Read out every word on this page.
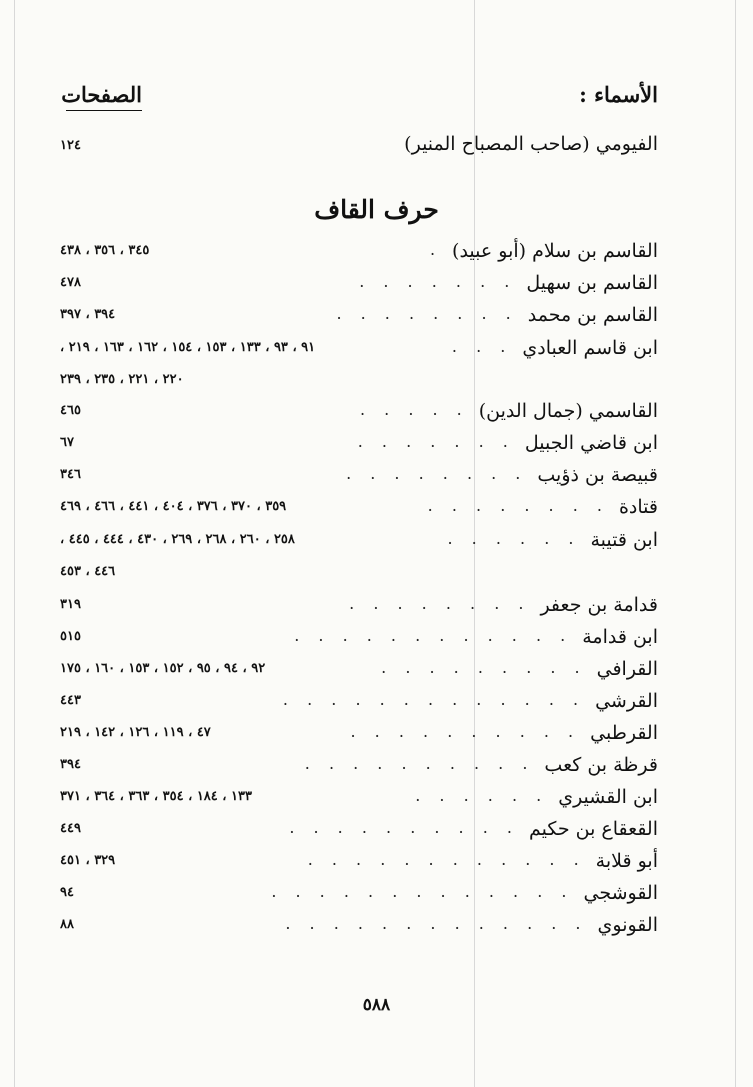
الأسماء :
الصفحات
الفيومي (صاحب المصباح المنير)
١٢٤
حرف القاف
القاسم بن سلام (أبو عبيد)
.
٣٤٥ ، ٣٥٦ ، ٤٣٨
القاسم بن سهيل
. . . . . . .
٤٧٨
القاسم بن محمد
. . . . . . . .
٣٩٤ ، ٣٩٧
ابن قاسم العبادي
. . .
٩١ ، ٩٣ ، ١٣٣ ، ١٥٣ ، ١٥٤ ، ١٦٢ ، ١٦٣ ، ٢١٩ ،
٢٢٠ ، ٢٢١ ، ٢٣٥ ، ٢٣٩
القاسمي (جمال الدين)
. . . . .
٤٦٥
ابن قاضي الجبيل
. . . . . . .
٦٧
قبيصة بن ذؤيب
. . . . . . . .
٣٤٦
قتادة
. . . . . . . .
٣٥٩ ، ٣٧٠ ، ٣٧٦ ، ٤٠٤ ، ٤٤١ ، ٤٦٦ ، ٤٦٩
ابن قتيبة
. . . . . .
٢٥٨ ، ٢٦٠ ، ٢٦٨ ، ٢٦٩ ، ٤٣٠ ، ٤٤٤ ، ٤٤٥ ،
٤٤٦ ، ٤٥٣
قدامة بن جعفر
. . . . . . . .
٣١٩
ابن قدامة
. . . . . . . . . . . .
٥١٥
القرافي
. . . . . . . . .
٩٢ ، ٩٤ ، ٩٥ ، ١٥٢ ، ١٥٣ ، ١٦٠ ، ١٧٥
القرشي
. . . . . . . . . . . . .
٤٤٣
القرطبي
. . . . . . . . . .
٤٧ ، ١١٩ ، ١٢٦ ، ١٤٢ ، ٢١٩
قرظة بن كعب
. . . . . . . . . .
٣٩٤
ابن القشيري
. . . . . .
١٣٣ ، ١٨٤ ، ٣٥٤ ، ٣٦٣ ، ٣٦٤ ، ٣٧١
القعقاع بن حكيم
. . . . . . . . . .
٤٤٩
أبو قلابة
. . . . . . . . . . . .
٣٢٩ ، ٤٥١
القوشجي
. . . . . . . . . . . . .
٩٤
القونوي
. . . . . . . . . . . . .
٨٨
٥٨٨
